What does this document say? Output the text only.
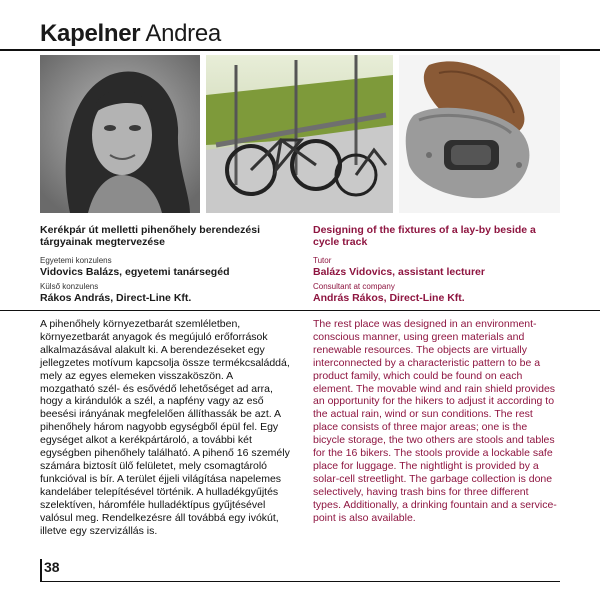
Kapelner Andrea

Kerékpár út melletti pihenőhely berendezési tárgyainak megtervezése

Egyetemi konzulens
Vidovics Balázs, egyetemi tanársegéd
Külső konzulens
Rákos András, Direct-Line Kft.

Designing of the fixtures of a lay-by beside a cycle track

Tutor
Balázs Vidovics, assistant lecturer
Consultant at company
András Rákos, Direct-Line Kft.

A pihenőhely környezetbarát szemléletben, környezetbarát anyagok és megújuló erőforrások alkalmazásával alakult ki. A berendezéseket egy jellegzetes motívum kapcsolja össze termékcsaláddá, mely az egyes elemeken visszaköszön. A mozgatható szél- és esővédő lehetőséget ad arra, hogy a kirándulók a szél, a napfény vagy az eső beesési irányának megfelelően állíthassák be azt. A pihenőhely három nagyobb egységből épül fel. Egy egységet alkot a kerékpártároló, a további két egységben pihenőhely található. A pihenő 16 személy számára biztosít ülő felületet, mely csomagtároló funkcióval is bír. A terület éjjeli világítása napelemes kandeláber telepítésével történik. A hulladékgyűjtés szelektíven, háromféle hulladéktípus gyűjtésével valósul meg. Rendelkezésre áll továbbá egy ivókút, illetve egy szervizállás is.

The rest place was designed in an environment-conscious manner, using green materials and renewable resources. The objects are virtually interconnected by a characteristic pattern to be a product family, which could be found on each element. The movable wind and rain shield provides an opportunity for the hikers to adjust it according to the actual rain, wind or sun conditions. The rest place consists of three major areas; one is the bicycle storage, the two others are stools and tables for the 16 bikers. The stools provide a lockable safe place for luggage. The nightlight is provided by a solar-cell streetlight. The garbage collection is done selectively, having trash bins for three different types. Additionally, a drinking fountain and a service-point is also available.

38
